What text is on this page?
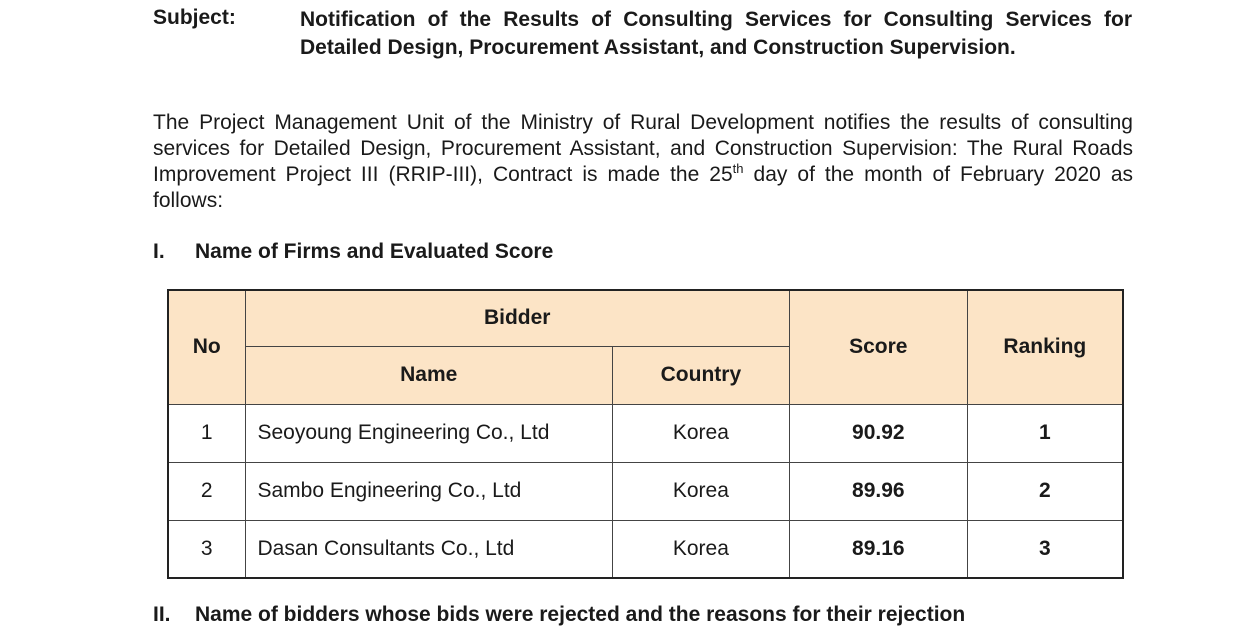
Subject:	Notification of the Results of Consulting Services for Consulting Services for Detailed Design, Procurement Assistant, and Construction Supervision.
The Project Management Unit of the Ministry of Rural Development notifies the results of consulting services for Detailed Design, Procurement Assistant, and Construction Supervision: The Rural Roads Improvement Project III (RRIP-III), Contract is made the 25th day of the month of February 2020 as follows:
I. Name of Firms and Evaluated Score
No	Bidder		Score	Ranking
	Name	Country		
1	Seoyoung Engineering Co., Ltd	Korea	90.92	1
2	Sambo Engineering Co., Ltd	Korea	89.96	2
3	Dasan Consultants Co., Ltd	Korea	89.16	3
II. Name of bidders whose bids were rejected and the reasons for their rejection
